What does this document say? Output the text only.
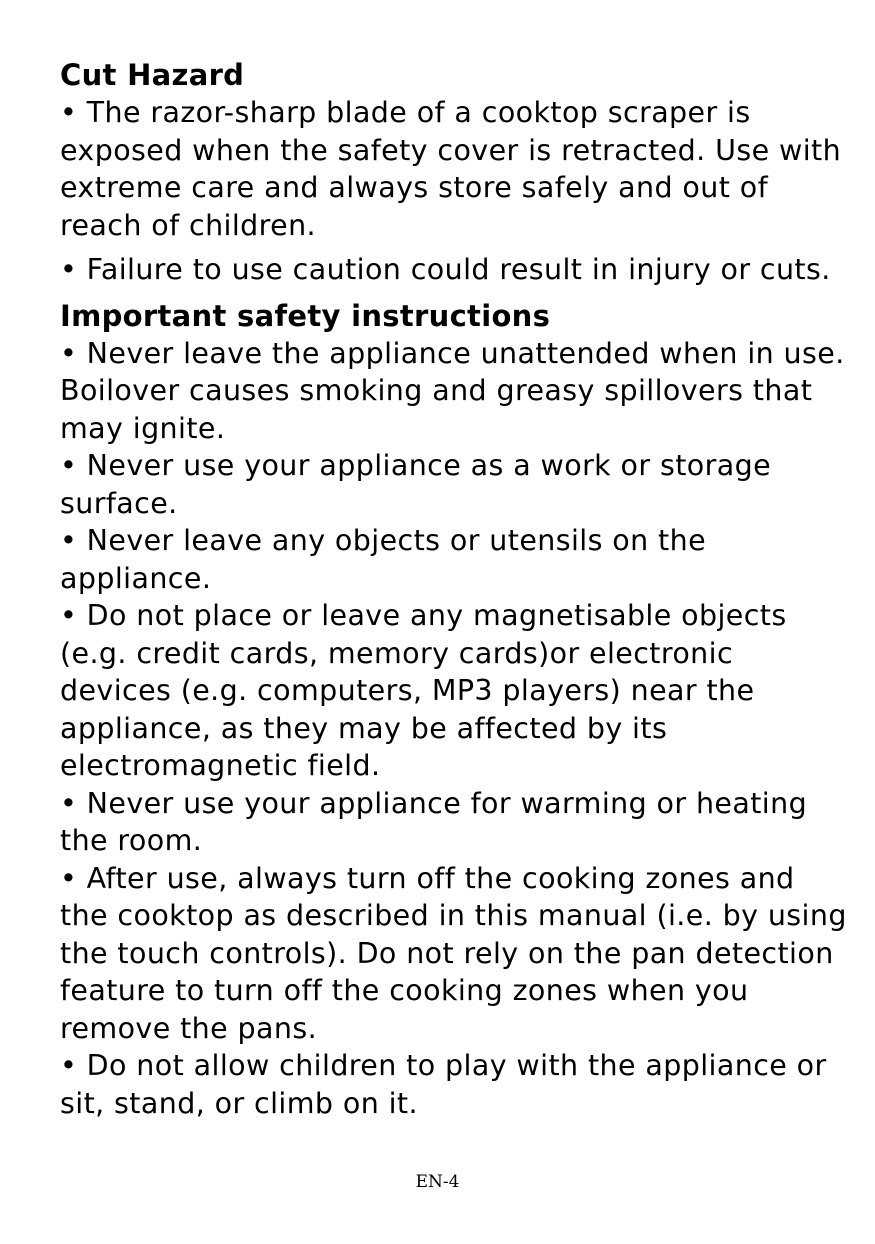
Cut Hazard

• The razor-sharp blade of a cooktop scraper is exposed when the safety cover is retracted. Use with extreme care and always store safely and out of reach of children.

• Failure to use caution could result in injury or cuts.

Important safety instructions

• Never leave the appliance unattended when in use. Boilover causes smoking and greasy spillovers that may ignite.

• Never use your appliance as a work or storage surface.

• Never leave any objects or utensils on the appliance.

• Do not place or leave any magnetisable objects (e.g. credit cards, memory cards)or electronic devices (e.g. computers, MP3 players) near the appliance, as they may be affected by its electromagnetic field.

• Never use your appliance for warming or heating the room.

• After use, always turn off the cooking zones and the cooktop as described in this manual (i.e. by using the touch controls). Do not rely on the pan detection feature to turn off the cooking zones when you remove the pans.

• Do not allow children to play with the appliance or sit, stand, or climb on it.

EN-4
